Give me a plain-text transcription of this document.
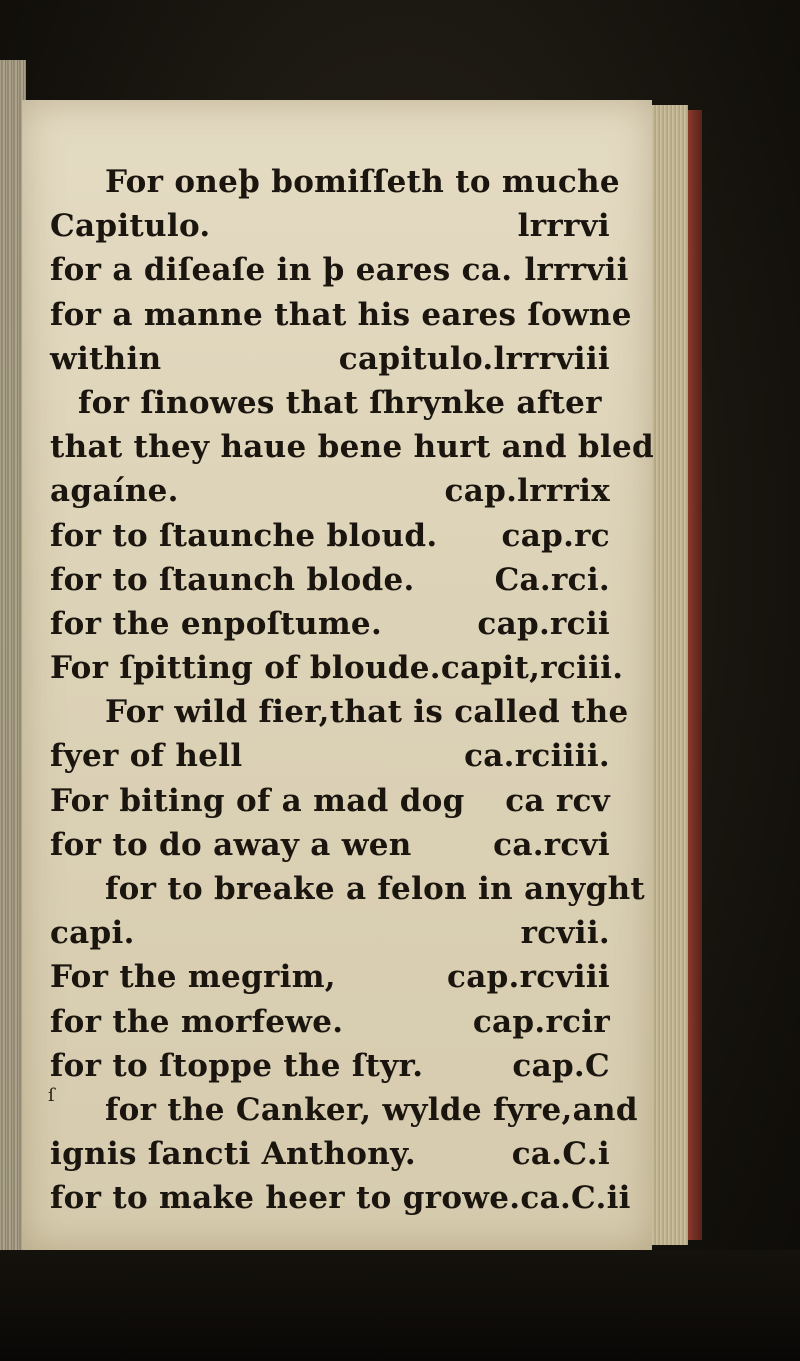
For oneþ bomiſſeth to muche
Capitulo.	lrrrvi
for a diſeaſe in þ eares ca. lrrrvii
for a manne that his eares ſowne
within	capitulo.lrrrviii
for ſinowes that ſhrynke after
that they haue bene hurt and bled
agaíne.	cap.lrrrix
for to ſtaunche bloud. cap.rc
for to ſtaunch blode.	Ca.rci.
for the enpoſtume.	cap.rcii
For ſpitting of bloude.capit,rciii.
For wild fier,that is called the
fyer of hell	ca.rciiii.
For biting of a mad dog ca rcv
for to do away a wen	ca.rcvi
for to breake a felon in anyght
capi.	rcvii.
For the megrim,	cap.rcviii
for the morfewe.	cap.rcir
for to ſtoppe the ſtyr.	cap.C
for the Canker, wylde fyre,and
ignis ſancti Anthony.	ca.C.i
for to make heer to growe.ca.C.ii
ſ
